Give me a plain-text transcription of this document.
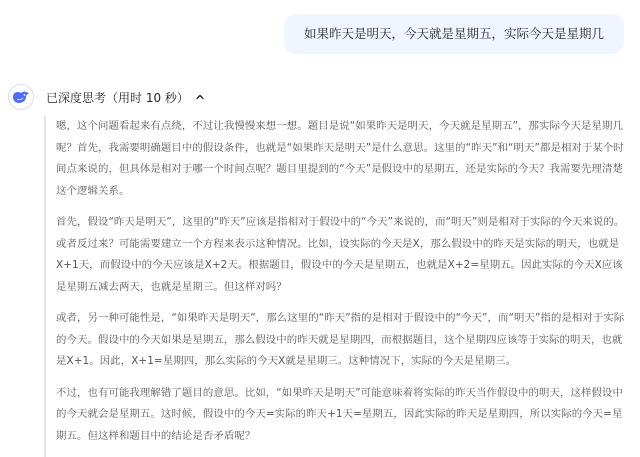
如果昨天是明天，今天就是星期五，实际今天是星期几
已深度思考（用时 10 秒）

嗯，这个问题看起来有点绕，不过让我慢慢来想一想。题目是说“如果昨天是明天，今天就是星期五”，那实际今天是星期几呢？首先，我需要明确题目中的假设条件，也就是“如果昨天是明天”是什么意思。这里的“昨天”和“明天”都是相对于某个时间点来说的，但具体是相对于哪一个时间点呢？题目里提到的“今天”是假设中的星期五，还是实际的今天？我需要先理清楚这个逻辑关系。

首先，假设“昨天是明天”，这里的“昨天”应该是指相对于假设中的“今天”来说的，而“明天”则是相对于实际的今天来说的。或者反过来？可能需要建立一个方程来表示这种情况。比如，设实际的今天是X，那么假设中的昨天是实际的明天，也就是X+1天，而假设中的今天应该是X+2天。根据题目，假设中的今天是星期五，也就是X+2=星期五。因此实际的今天X应该是星期五减去两天，也就是星期三。但这样对吗？

或者，另一种可能性是，“如果昨天是明天”，那么这里的“昨天”指的是相对于假设中的“今天”，而“明天”指的是相对于实际的今天。假设中的今天如果是星期五，那么假设中的昨天就是星期四，而根据题目，这个星期四应该等于实际的明天，也就是X+1。因此，X+1=星期四，那么实际的今天X就是星期三。这种情况下，实际的今天是星期三。

不过，也有可能我理解错了题目的意思。比如，“如果昨天是明天”可能意味着将实际的昨天当作假设中的明天，这样假设中的今天就会是星期五。这时候，假设中的今天=实际的昨天+1天=星期五，因此实际的昨天是星期四，所以实际的今天=星期五。但这样和题目中的结论是否矛盾呢？
